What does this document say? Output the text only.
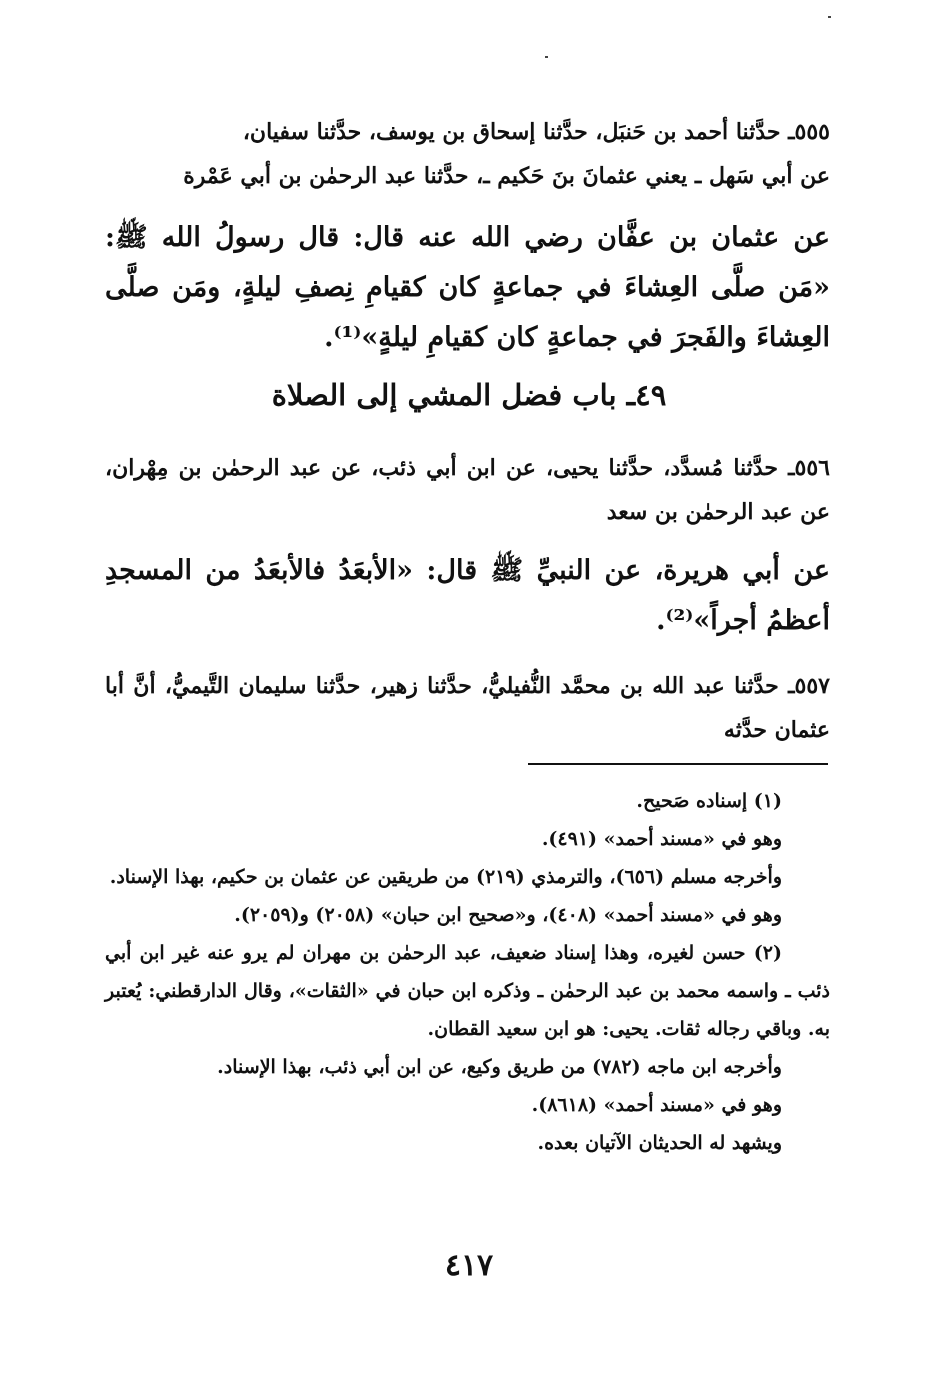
٥٥٥ـ حدَّثنا أحمد بن حَنبَل، حدَّثنا إسحاق بن يوسف، حدَّثنا سفيان،
عن أبي سَهل ـ يعني عثمانَ بنَ حَكيم ـ، حدَّثنا عبد الرحمٰن بن أبي عَمْرة
عن عثمان بن عفَّان رضي الله عنه قال: قال رسولُ الله ﷺ: «مَن صلَّى العِشاءَ في جماعةٍ كان كقيامِ نِصفِ ليلةٍ، ومَن صلَّى العِشاءَ والفَجرَ في جماعةٍ كان كقيامِ ليلةٍ»⁽¹⁾.
٤٩ـ باب فضل المشي إلى الصلاة
٥٥٦ـ حدَّثنا مُسدَّد، حدَّثنا يحيى، عن ابن أبي ذئب، عن عبد الرحمٰن بن مِهْران، عن عبد الرحمٰن بن سعد
عن أبي هريرة، عن النبيِّ ﷺ قال: «الأبعَدُ فالأبعَدُ من المسجدِ أعظمُ أجراً»⁽²⁾.
٥٥٧ـ حدَّثنا عبد الله بن محمَّد النُّفيليُّ، حدَّثنا زهير، حدَّثنا سليمان التَّيميُّ، أنَّ أبا عثمان حدَّثه
(١) إسناده صَحيح.
وهو في «مسند أحمد» (٤٩١).
وأخرجه مسلم (٦٥٦)، والترمذي (٢١٩) من طريقين عن عثمان بن حكيم، بهذا الإسناد.
وهو في «مسند أحمد» (٤٠٨)، و«صحيح ابن حبان» (٢٠٥٨) و(٢٠٥٩).
(٢) حسن لغيره، وهذا إسناد ضعيف، عبد الرحمٰن بن مهران لم يرو عنه غير ابن أبي ذئب ـ واسمه محمد بن عبد الرحمٰن ـ وذكره ابن حبان في «الثقات»، وقال الدارقطني: يُعتبر به. وباقي رجاله ثقات. يحيى: هو ابن سعيد القطان.
وأخرجه ابن ماجه (٧٨٢) من طريق وكيع، عن ابن أبي ذئب، بهذا الإسناد.
وهو في «مسند أحمد» (٨٦١٨).
ويشهد له الحديثان الآتيان بعده.
٤١٧
